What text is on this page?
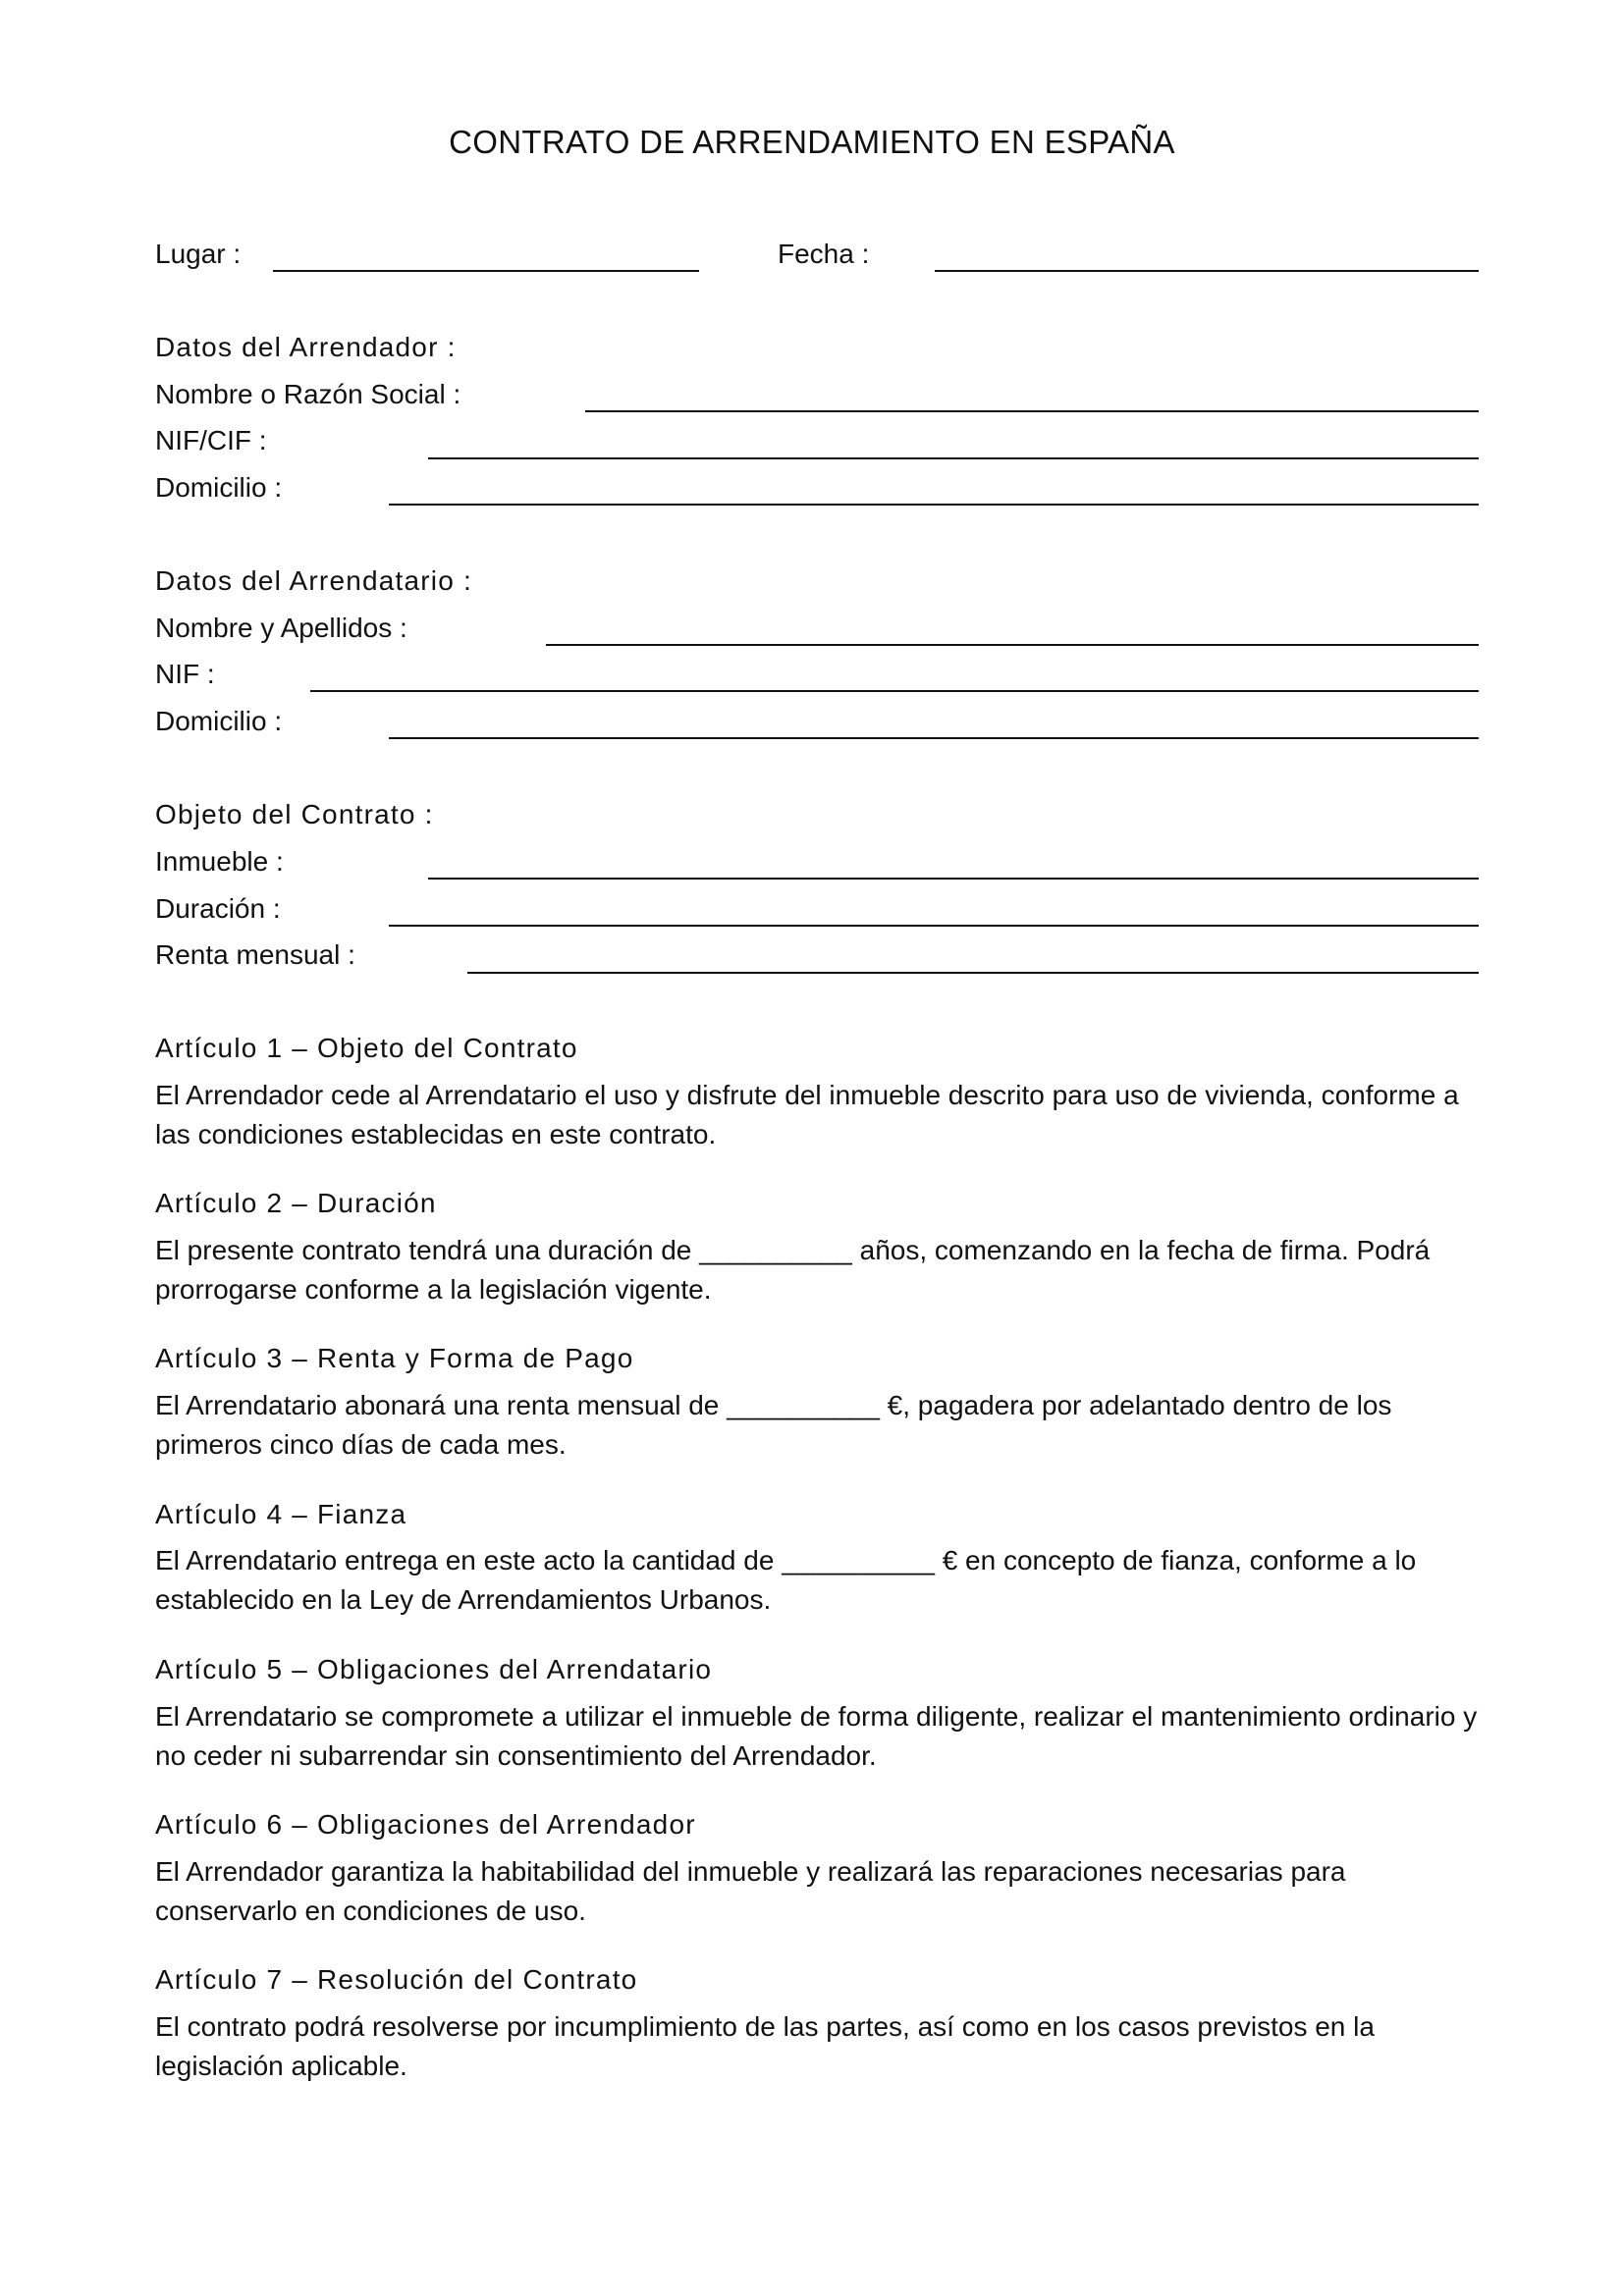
CONTRATO DE ARRENDAMIENTO EN ESPAÑA
Lugar :	Fecha :
Datos del Arrendador :
Nombre o Razón Social :
NIF/CIF :
Domicilio :
Datos del Arrendatario :
Nombre y Apellidos :
NIF :
Domicilio :
Objeto del Contrato :
Inmueble :
Duración :
Renta mensual :
Artículo 1 – Objeto del Contrato
El Arrendador cede al Arrendatario el uso y disfrute del inmueble descrito para uso de vivienda, conforme a
las condiciones establecidas en este contrato.
Artículo 2 – Duración
El presente contrato tendrá una duración de __________ años, comenzando en la fecha de firma. Podrá
prorrogarse conforme a la legislación vigente.
Artículo 3 – Renta y Forma de Pago
El Arrendatario abonará una renta mensual de __________ €, pagadera por adelantado dentro de los
primeros cinco días de cada mes.
Artículo 4 – Fianza
El Arrendatario entrega en este acto la cantidad de __________ € en concepto de fianza, conforme a lo
establecido en la Ley de Arrendamientos Urbanos.
Artículo 5 – Obligaciones del Arrendatario
El Arrendatario se compromete a utilizar el inmueble de forma diligente, realizar el mantenimiento ordinario y
no ceder ni subarrendar sin consentimiento del Arrendador.
Artículo 6 – Obligaciones del Arrendador
El Arrendador garantiza la habitabilidad del inmueble y realizará las reparaciones necesarias para
conservarlo en condiciones de uso.
Artículo 7 – Resolución del Contrato
El contrato podrá resolverse por incumplimiento de las partes, así como en los casos previstos en la
legislación aplicable.
